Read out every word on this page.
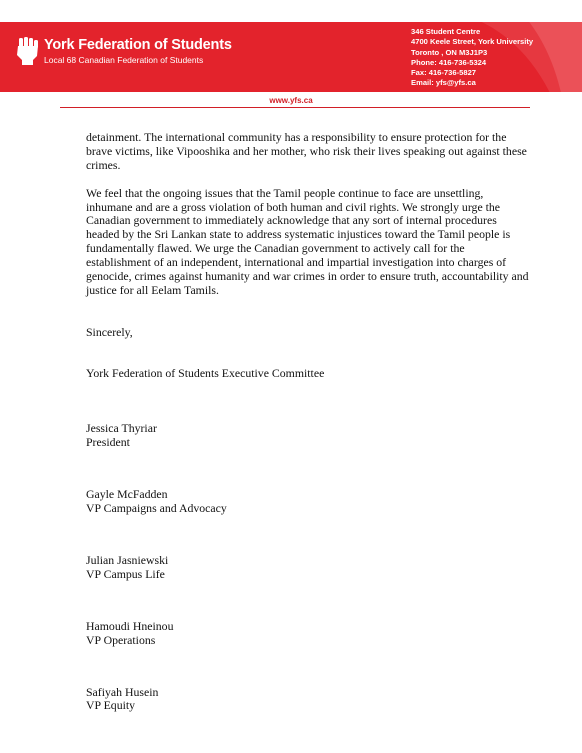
York Federation of Students
Local 68 Canadian Federation of Students
346 Student Centre
4700 Keele Street, York University
Toronto , ON M3J1P3
Phone: 416-736-5324
Fax: 416-736-5827
Email: yfs@yfs.ca
www.yfs.ca

detainment. The international community has a responsibility to ensure protection for the brave victims, like Vipooshika and her mother, who risk their lives speaking out against these crimes.

We feel that the ongoing issues that the Tamil people continue to face are unsettling, inhumane and are a gross violation of both human and civil rights. We strongly urge the Canadian government to immediately acknowledge that any sort of internal procedures headed by the Sri Lankan state to address systematic injustices toward the Tamil people is fundamentally flawed. We urge the Canadian government to actively call for the establishment of an independent, international and impartial investigation into charges of genocide, crimes against humanity and war crimes in order to ensure truth, accountability and justice for all Eelam Tamils.

Sincerely,

York Federation of Students Executive Committee

Jessica Thyriar

President

Gayle McFadden

VP Campaigns and Advocacy

Julian Jasniewski

VP Campus Life

Hamoudi Hneinou

VP Operations

Safiyah Husein

VP Equity
